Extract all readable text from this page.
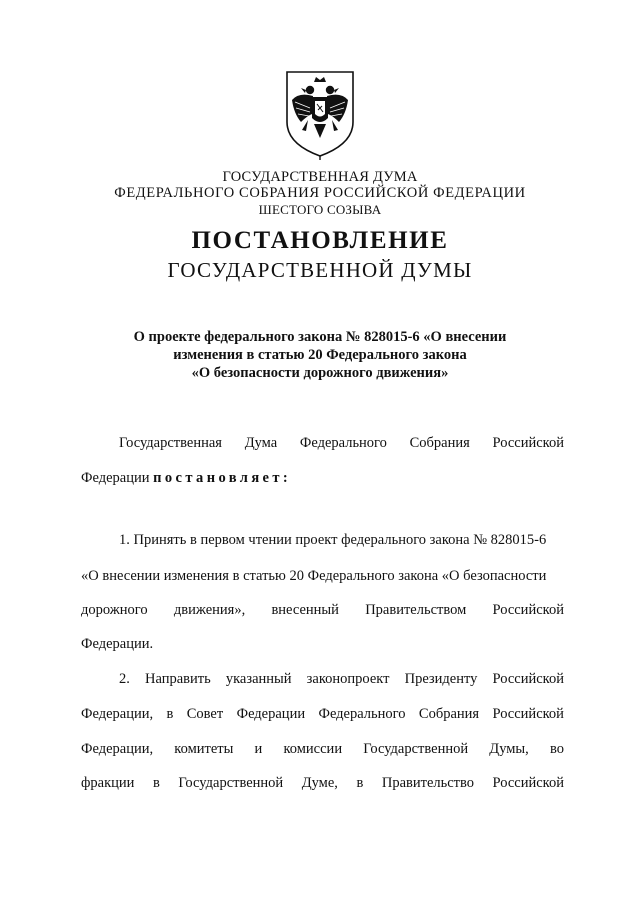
ГОСУДАРСТВЕННАЯ ДУМА
ФЕДЕРАЛЬНОГО СОБРАНИЯ РОССИЙСКОЙ ФЕДЕРАЦИИ
ШЕСТОГО СОЗЫВА
ПОСТАНОВЛЕНИЕ
ГОСУДАРСТВЕННОЙ ДУМЫ
О проекте федерального закона № 828015-6 «О внесении
изменения в статью 20 Федерального закона
«О безопасности дорожного движения»
Государственная Дума Федерального Собрания Российской
Федерации постановляет:
1. Принять в первом чтении проект федерального закона № 828015-6
«О внесении изменения в статью 20 Федерального закона «О безопасности
дорожного движения», внесенный Правительством Российской
Федерации.
2. Направить указанный законопроект Президенту Российской
Федерации, в Совет Федерации Федерального Собрания Российской
Федерации, комитеты и комиссии Государственной Думы, во
фракции в Государственной Думе, в Правительство Российской
